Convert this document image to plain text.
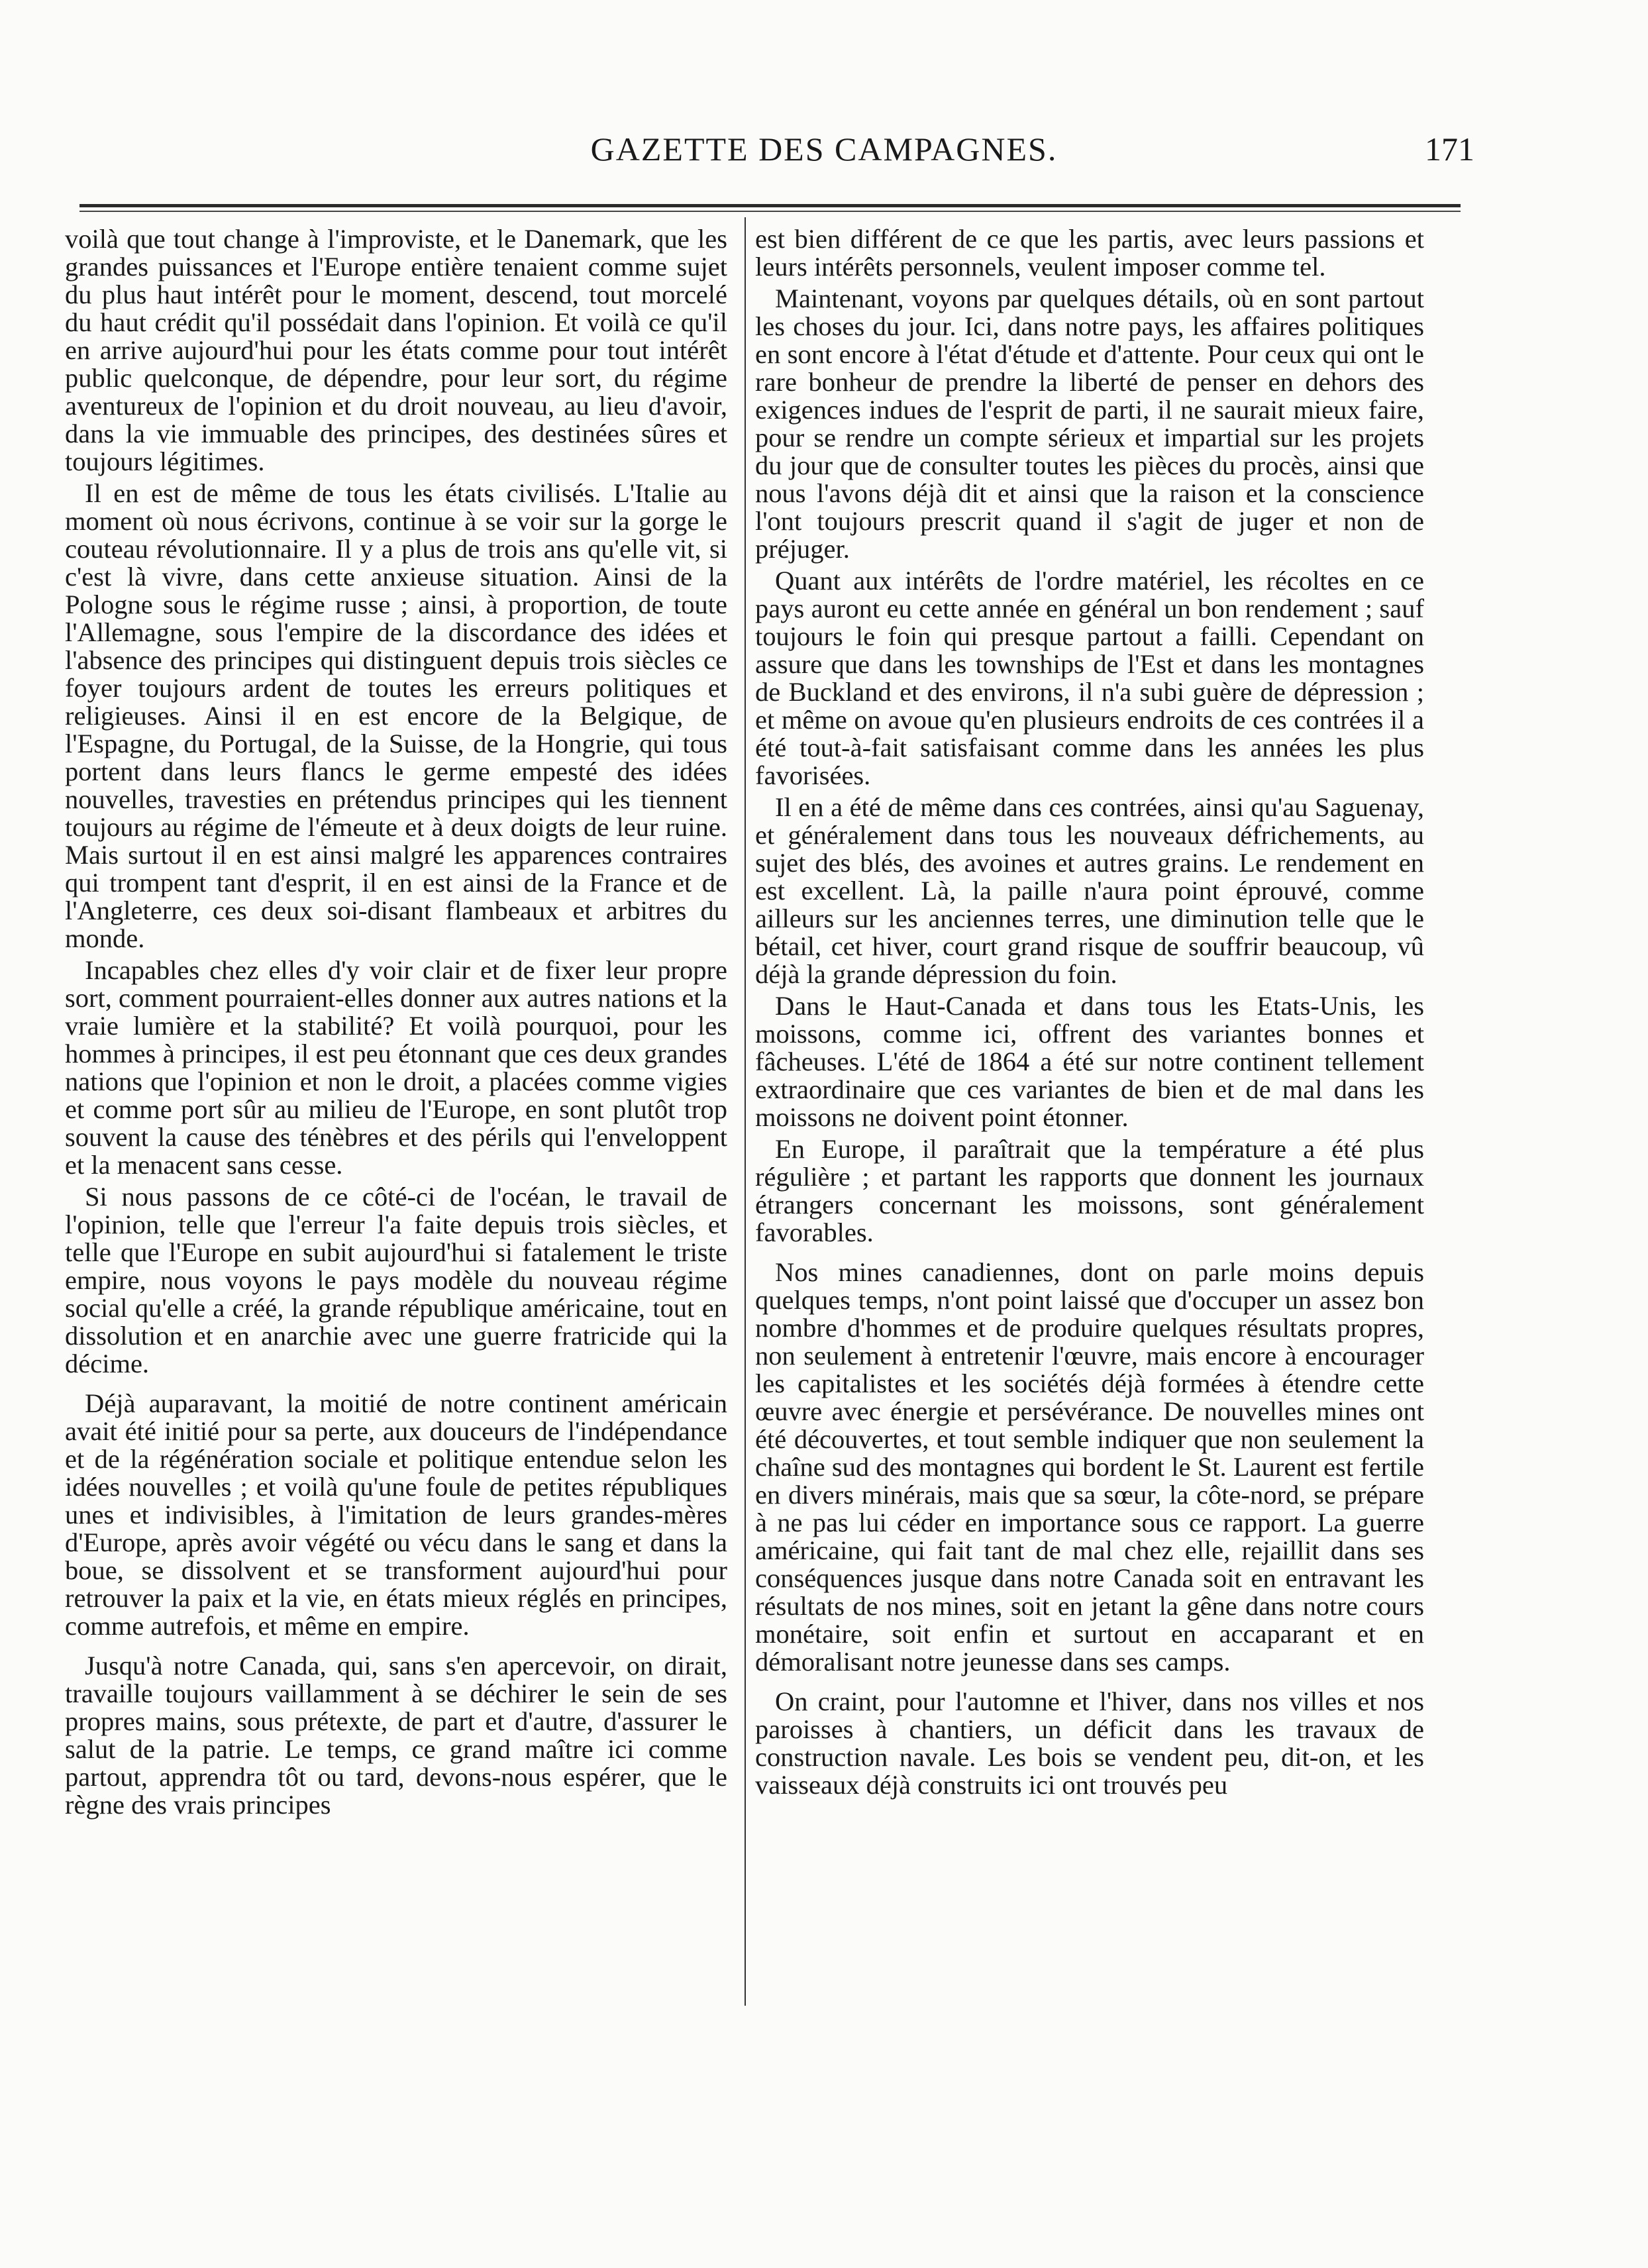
GAZETTE DES CAMPAGNES.	171

voilà que tout change à l'improviste, et le Danemark, que les grandes puissances et l'Europe entière tenaient comme sujet du plus haut intérêt pour le moment, descend, tout morcelé du haut crédit qu'il possédait dans l'opinion. Et voilà ce qu'il en arrive aujourd'hui pour les états comme pour tout intérêt public quelconque, de dépendre, pour leur sort, du régime aventureux de l'opinion et du droit nouveau, au lieu d'avoir, dans la vie immuable des principes, des destinées sûres et toujours légitimes.

Il en est de même de tous les états civilisés. L'Italie au moment où nous écrivons, continue à se voir sur la gorge le couteau révolutionnaire. Il y a plus de trois ans qu'elle vit, si c'est là vivre, dans cette anxieuse situation. Ainsi de la Pologne sous le régime russe ; ainsi, à proportion, de toute l'Allemagne, sous l'empire de la discordance des idées et l'absence des principes qui distinguent depuis trois siècles ce foyer toujours ardent de toutes les erreurs politiques et religieuses. Ainsi il en est encore de la Belgique, de l'Espagne, du Portugal, de la Suisse, de la Hongrie, qui tous portent dans leurs flancs le germe empesté des idées nouvelles, travesties en prétendus principes qui les tiennent toujours au régime de l'émeute et à deux doigts de leur ruine. Mais surtout il en est ainsi malgré les apparences contraires qui trompent tant d'esprit, il en est ainsi de la France et de l'Angleterre, ces deux soi-disant flambeaux et arbitres du monde.

Incapables chez elles d'y voir clair et de fixer leur propre sort, comment pourraient-elles donner aux autres nations et la vraie lumière et la stabilité? Et voilà pourquoi, pour les hommes à principes, il est peu étonnant que ces deux grandes nations que l'opinion et non le droit, a placées comme vigies et comme port sûr au milieu de l'Europe, en sont plutôt trop souvent la cause des ténèbres et des périls qui l'enveloppent et la menacent sans cesse.

Si nous passons de ce côté-ci de l'océan, le travail de l'opinion, telle que l'erreur l'a faite depuis trois siècles, et telle que l'Europe en subit aujourd'hui si fatalement le triste empire, nous voyons le pays modèle du nouveau régime social qu'elle a créé, la grande république américaine, tout en dissolution et en anarchie avec une guerre fratricide qui la décime.

Déjà auparavant, la moitié de notre continent américain avait été initié pour sa perte, aux douceurs de l'indépendance et de la régénération sociale et politique entendue selon les idées nouvelles ; et voilà qu'une foule de petites républiques unes et indivisibles, à l'imitation de leurs grandes-mères d'Europe, après avoir végété ou vécu dans le sang et dans la boue, se dissolvent et se transforment aujourd'hui pour retrouver la paix et la vie, en états mieux réglés en principes, comme autrefois, et même en empire.

Jusqu'à notre Canada, qui, sans s'en apercevoir, on dirait, travaille toujours vaillamment à se déchirer le sein de ses propres mains, sous prétexte, de part et d'autre, d'assurer le salut de la patrie. Le temps, ce grand maître ici comme partout, apprendra tôt ou tard, devons-nous espérer, que le règne des vrais principes

est bien différent de ce que les partis, avec leurs passions et leurs intérêts personnels, veulent imposer comme tel.

Maintenant, voyons par quelques détails, où en sont partout les choses du jour. Ici, dans notre pays, les affaires politiques en sont encore à l'état d'étude et d'attente. Pour ceux qui ont le rare bonheur de prendre la liberté de penser en dehors des exigences indues de l'esprit de parti, il ne saurait mieux faire, pour se rendre un compte sérieux et impartial sur les projets du jour que de consulter toutes les pièces du procès, ainsi que nous l'avons déjà dit et ainsi que la raison et la conscience l'ont toujours prescrit quand il s'agit de juger et non de préjuger.

Quant aux intérêts de l'ordre matériel, les récoltes en ce pays auront eu cette année en général un bon rendement ; sauf toujours le foin qui presque partout a failli. Cependant on assure que dans les townships de l'Est et dans les montagnes de Buckland et des environs, il n'a subi guère de dépression ; et même on avoue qu'en plusieurs endroits de ces contrées il a été tout-à-fait satisfaisant comme dans les années les plus favorisées.

Il en a été de même dans ces contrées, ainsi qu'au Saguenay, et généralement dans tous les nouveaux défrichements, au sujet des blés, des avoines et autres grains. Le rendement en est excellent. Là, la paille n'aura point éprouvé, comme ailleurs sur les anciennes terres, une diminution telle que le bétail, cet hiver, court grand risque de souffrir beaucoup, vû déjà la grande dépression du foin.

Dans le Haut-Canada et dans tous les Etats-Unis, les moissons, comme ici, offrent des variantes bonnes et fâcheuses. L'été de 1864 a été sur notre continent tellement extraordinaire que ces variantes de bien et de mal dans les moissons ne doivent point étonner.

En Europe, il paraîtrait que la température a été plus régulière ; et partant les rapports que donnent les journaux étrangers concernant les moissons, sont généralement favorables.

Nos mines canadiennes, dont on parle moins depuis quelques temps, n'ont point laissé que d'occuper un assez bon nombre d'hommes et de produire quelques résultats propres, non seulement à entretenir l'œuvre, mais encore à encourager les capitalistes et les sociétés déjà formées à étendre cette œuvre avec énergie et persévérance. De nouvelles mines ont été découvertes, et tout semble indiquer que non seulement la chaîne sud des montagnes qui bordent le St. Laurent est fertile en divers minérais, mais que sa sœur, la côte-nord, se prépare à ne pas lui céder en importance sous ce rapport. La guerre américaine, qui fait tant de mal chez elle, rejaillit dans ses conséquences jusque dans notre Canada soit en entravant les résultats de nos mines, soit en jetant la gêne dans notre cours monétaire, soit enfin et surtout en accaparant et en démoralisant notre jeunesse dans ses camps.

On craint, pour l'automne et l'hiver, dans nos villes et nos paroisses à chantiers, un déficit dans les travaux de construction navale. Les bois se vendent peu, dit-on, et les vaisseaux déjà construits ici ont trouvés peu
